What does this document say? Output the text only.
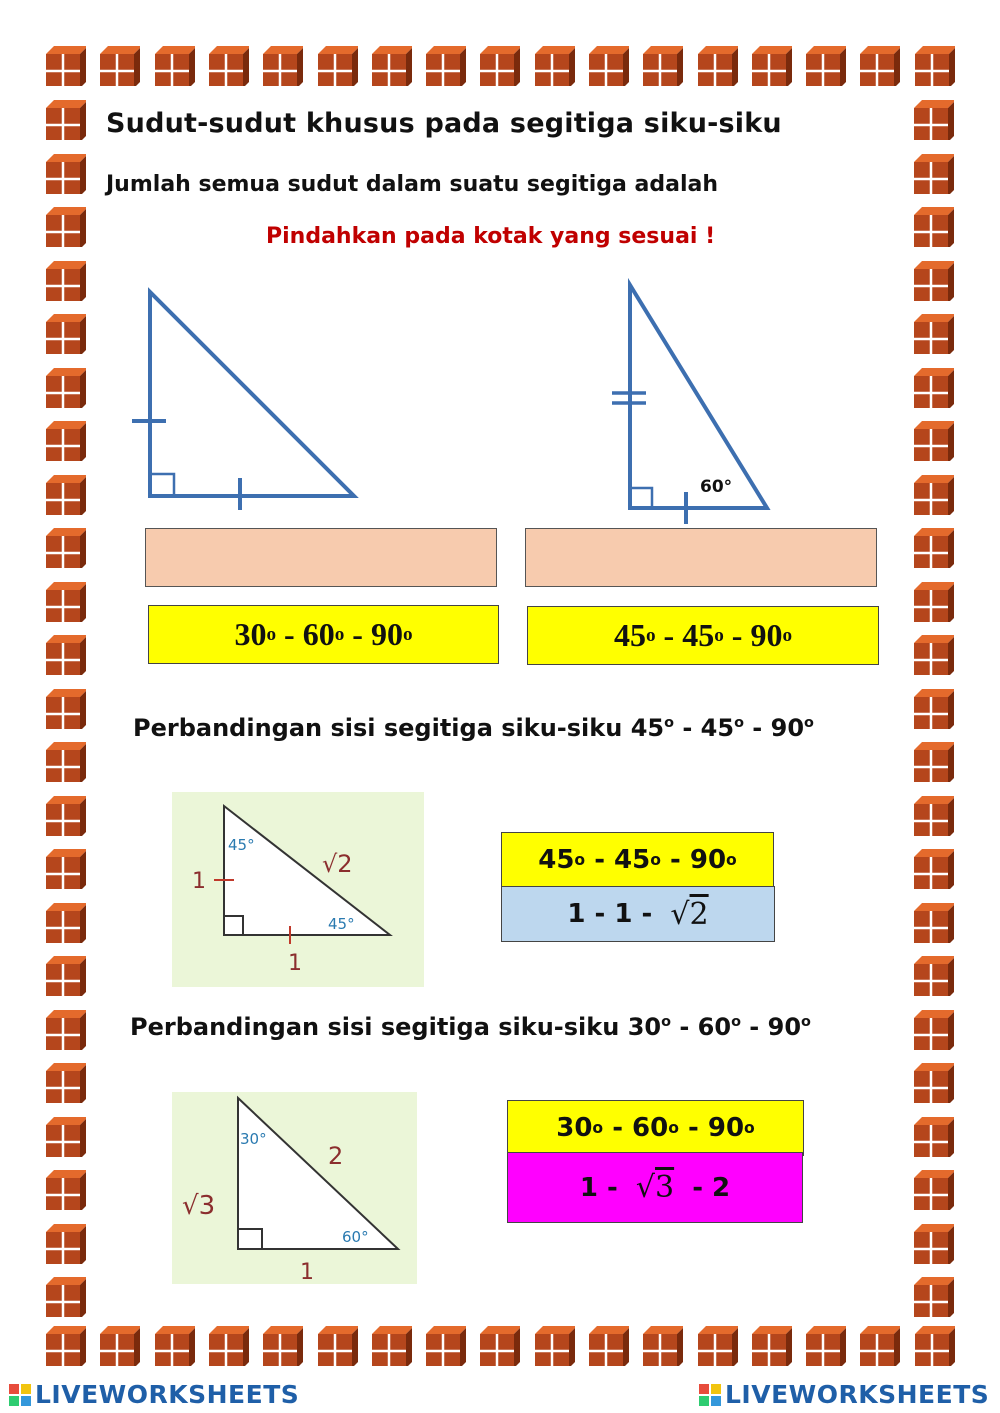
Sudut-sudut khusus pada segitiga siku-siku
Jumlah semua sudut dalam suatu segitiga adalah
Pindahkan pada kotak yang sesuai !
60°
30 o - 60 o - 90 o	45 o - 45 o - 90 o
Perbandingan sisi segitiga siku-siku 45$^o$ - 45$^o$ - 90$^o$
45°
45°
1
1
√2	45 o - 45 o - 90 o
1 - 1 -
√2
Perbandingan sisi segitiga siku-siku 30$^o$ - 60$^o$ - 90$^o$
30°
60°
2
√3
1
30 o - 60 o - 90 o
1 -
√3
- 2
LIVEWORKSHEETS	LIVEWORKSHEETS
